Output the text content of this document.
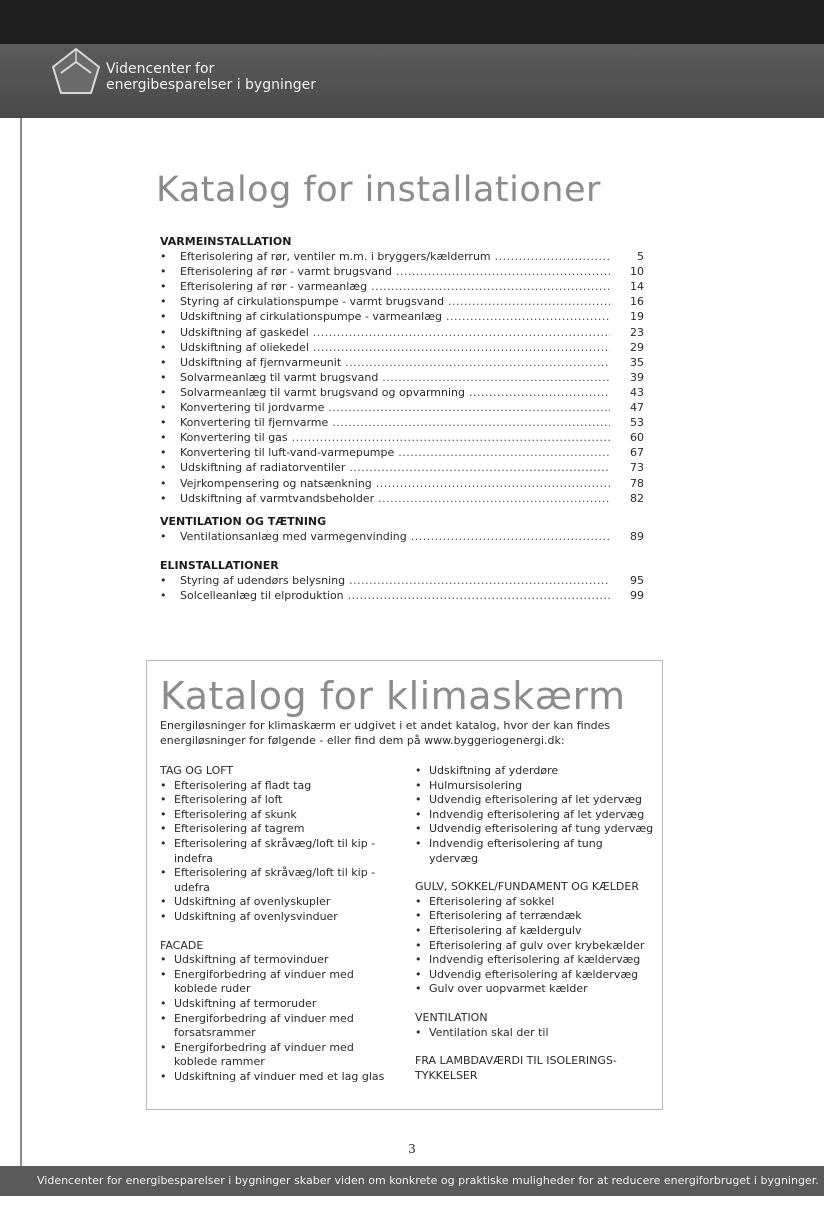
Videncenter for
energibesparelser i bygninger
Katalog for installationer
VARMEINSTALLATION
• Efterisolering af rør, ventiler m.m. i bryggers/kælderrum .....	5
• Efterisolering af rør - varmt brugsvand .....	10
• Efterisolering af rør - varmeanlæg .....	14
• Styring af cirkulationspumpe - varmt brugsvand .....	16
• Udskiftning af cirkulationspumpe - varmeanlæg .....	19
• Udskiftning af gaskedel .....	23
• Udskiftning af oliekedel .....	29
• Udskiftning af fjernvarmeunit .....	35
• Solvarmeanlæg til varmt brugsvand .....	39
• Solvarmeanlæg til varmt brugsvand og opvarmning .....	43
• Konvertering til jordvarme .....	47
• Konvertering til fjernvarme .....	53
• Konvertering til gas .....	60
• Konvertering til luft-vand-varmepumpe .....	67
• Udskiftning af radiatorventiler .....	73
• Vejrkompensering og natsænkning .....	78
• Udskiftning af varmtvandsbeholder .....	82
VENTILATION OG TÆTNING
• Ventilationsanlæg med varmegenvinding .....	89
ELINSTALLATIONER
• Styring af udendørs belysning .....	95
• Solcelleanlæg til elproduktion .....	99
Katalog for klimaskærm
Energiløsninger for klimaskærm er udgivet i et andet katalog, hvor der kan findes energiløsninger for følgende - eller find dem på www.byggeriogenergi.dk:
TAG OG LOFT
• Efterisolering af fladt tag
• Efterisolering af loft
• Efterisolering af skunk
• Efterisolering af tagrem
• Efterisolering af skråvæg/loft til kip - indefra
• Efterisolering af skråvæg/loft til kip - udefra
• Udskiftning af ovenlyskupler
• Udskiftning af ovenlysvinduer
FACADE
• Udskiftning af termovinduer
• Energiforbedring af vinduer med koblede ruder
• Udskiftning af termoruder
• Energiforbedring af vinduer med forsatsrammer
• Energiforbedring af vinduer med koblede rammer
• Udskiftning af vinduer med et lag glas
• Udskiftning af yderdøre
• Hulmursisolering
• Udvendig efterisolering af let ydervæg
• Indvendig efterisolering af let ydervæg
• Udvendig efterisolering af tung ydervæg
• Indvendig efterisolering af tung ydervæg
GULV, SOKKEL/FUNDAMENT OG KÆLDER
• Efterisolering af sokkel
• Efterisolering af terrændæk
• Efterisolering af kældergulv
• Efterisolering af gulv over krybekælder
• Indvendig efterisolering af kældervæg
• Udvendig efterisolering af kældervæg
• Gulv over uopvarmet kælder
VENTILATION
• Ventilation skal der til
FRA LAMBDAVÆRDI TIL ISOLERINGS-TYKKELSER
3
Videncenter for energibesparelser i bygninger skaber viden om konkrete og praktiske muligheder for at reducere energiforbruget i bygninger.
